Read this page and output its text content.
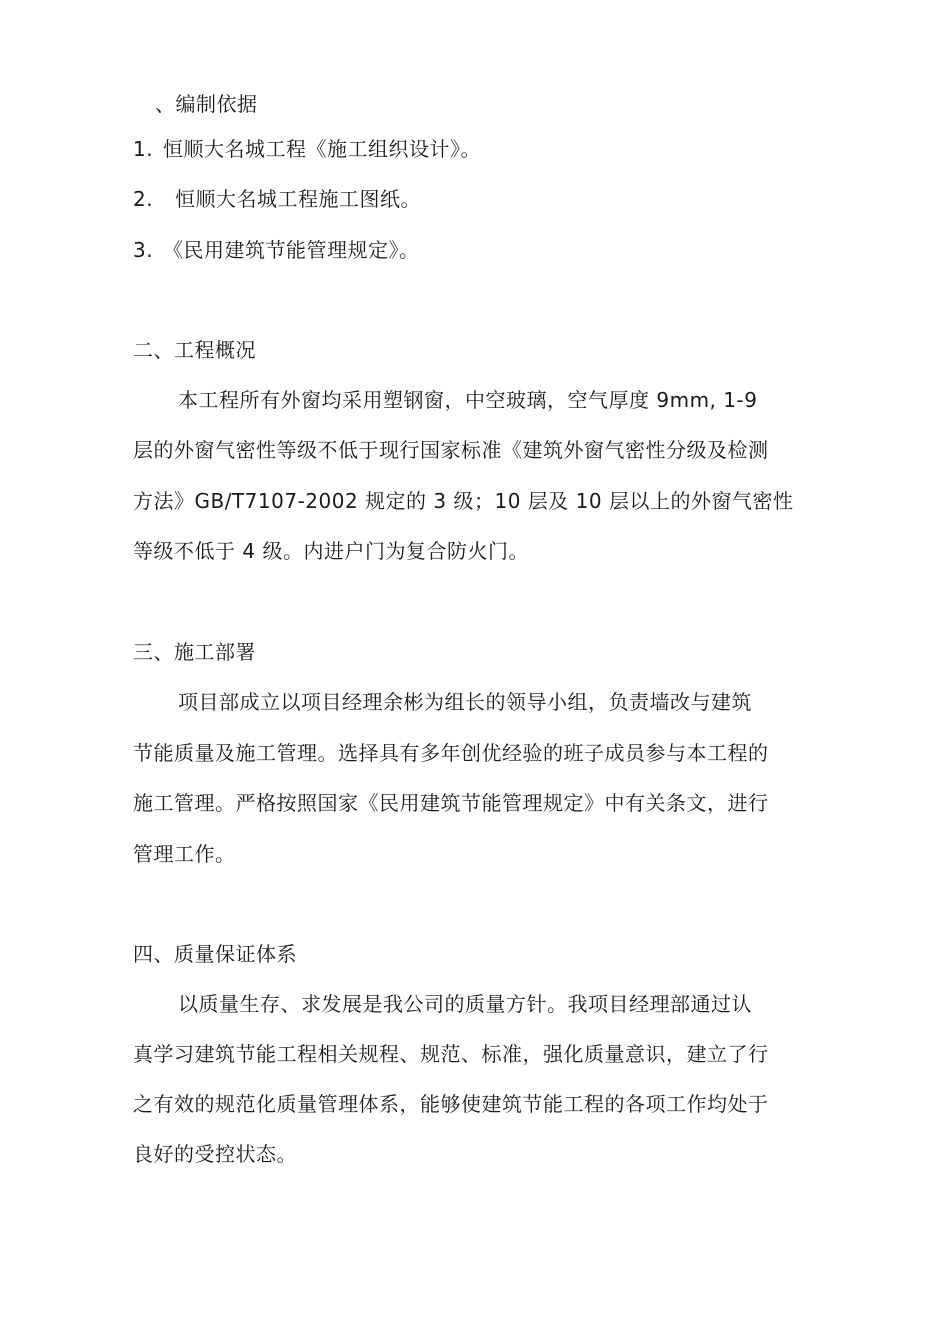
、编制依据
1. 恒顺大名城工程《施工组织设计》。
2. 恒顺大名城工程施工图纸。
3. 《民用建筑节能管理规定》。
二、工程概况
本工程所有外窗均采用塑钢窗，中空玻璃，空气厚度 9mm, 1-9
层的外窗气密性等级不低于现行国家标准《建筑外窗气密性分级及检测
方法》GB/T7107-2002 规定的 3 级；10 层及 10 层以上的外窗气密性
等级不低于 4 级。内进户门为复合防火门。
三、施工部署
项目部成立以项目经理余彬为组长的领导小组，负责墙改与建筑
节能质量及施工管理。选择具有多年创优经验的班子成员参与本工程的
施工管理。严格按照国家《民用建筑节能管理规定》中有关条文，进行
管理工作。
四、质量保证体系
以质量生存、求发展是我公司的质量方针。我项目经理部通过认
真学习建筑节能工程相关规程、规范、标准，强化质量意识，建立了行
之有效的规范化质量管理体系，能够使建筑节能工程的各项工作均处于
良好的受控状态。
